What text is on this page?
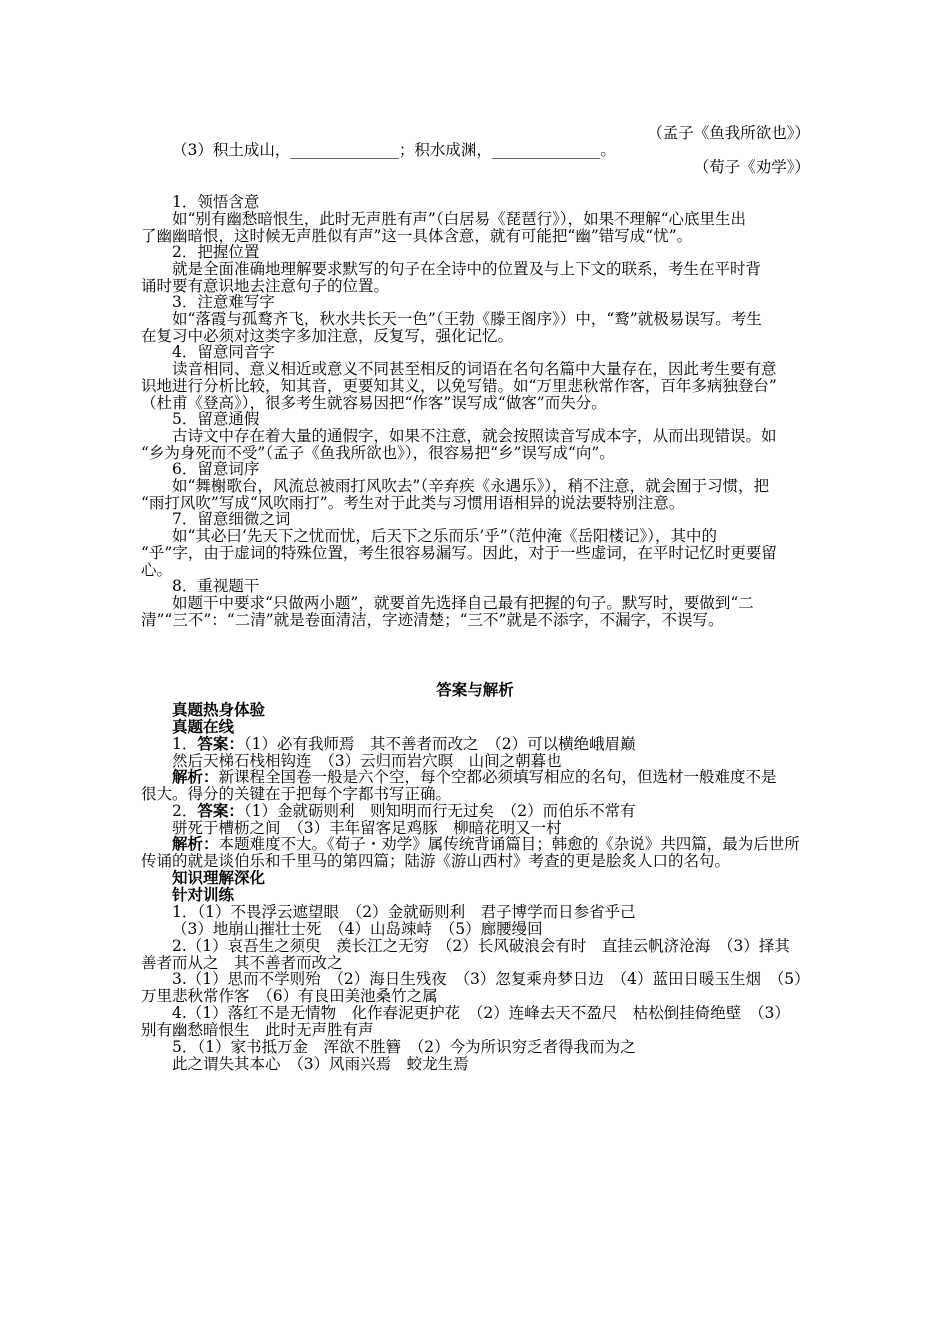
（孟子《鱼我所欲也》）
（3）积土成山，______________；积水成渊，______________。
（荀子《劝学》）
1．领悟含意
如“别有幽愁暗恨生，此时无声胜有声”（白居易《琵琶行》），如果不理解“心底里生出
了幽幽暗恨，这时候无声胜似有声”这一具体含意，就有可能把“幽”错写成“忧”。
2．把握位置
就是全面准确地理解要求默写的句子在全诗中的位置及与上下文的联系，考生在平时背
诵时要有意识地去注意句子的位置。
3．注意难写字
如“落霞与孤鹜齐飞，秋水共长天一色”（王勃《滕王阁序》）中，“鹜”就极易误写。考生
在复习中必须对这类字多加注意，反复写，强化记忆。
4．留意同音字
读音相同、意义相近或意义不同甚至相反的词语在名句名篇中大量存在，因此考生要有意
识地进行分析比较，知其音，更要知其义，以免写错。如“万里悲秋常作客，百年多病独登台”
（杜甫《登高》），很多考生就容易因把“作客”误写成“做客”而失分。
5．留意通假
古诗文中存在着大量的通假字，如果不注意，就会按照读音写成本字，从而出现错误。如
“乡为身死而不受”（孟子《鱼我所欲也》），很容易把“乡”误写成“向”。
6．留意词序
如“舞榭歌台，风流总被雨打风吹去”（辛弃疾《永遇乐》），稍不注意，就会囿于习惯，把
“雨打风吹”写成“风吹雨打”。考生对于此类与习惯用语相异的说法要特别注意。
7．留意细微之词
如“其必曰‘先天下之忧而忧，后天下之乐而乐’乎”（范仲淹《岳阳楼记》），其中的
“乎”字，由于虚词的特殊位置，考生很容易漏写。因此，对于一些虚词，在平时记忆时更要留
心。
8．重视题干
如题干中要求“只做两小题”，就要首先选择自己最有把握的句子。默写时，要做到“二
清”“三不”：“二清”就是卷面清洁，字迹清楚；“三不”就是不添字，不漏字，不误写。
答案与解析
真题热身体验
真题在线
1．答案：（1）必有我师焉　其不善者而改之　（2）可以横绝峨眉巅
然后天梯石栈相钩连　（3）云归而岩穴暝　山间之朝暮也
解析：新课程全国卷一般是六个空，每个空都必须填写相应的名句，但选材一般难度不是
很大。得分的关键在于把每个字都书写正确。
2．答案：（1）金就砺则利　则知明而行无过矣　（2）而伯乐不常有
骈死于槽枥之间　（3）丰年留客足鸡豚　柳暗花明又一村
解析：本题难度不大。《荀子・劝学》属传统背诵篇目；韩愈的《杂说》共四篇，最为后世所
传诵的就是谈伯乐和千里马的第四篇；陆游《游山西村》考查的更是脍炙人口的名句。
知识理解深化
针对训练
1．（1）不畏浮云遮望眼　（2）金就砺则利　君子博学而日参省乎己
（3）地崩山摧壮士死　（4）山岛竦峙　（5）廊腰缦回
2.（1）哀吾生之须臾　羡长江之无穷　（2）长风破浪会有时　直挂云帆济沧海　（3）择其
善者而从之　其不善者而改之
3.（1）思而不学则殆　（2）海日生残夜　（3）忽复乘舟梦日边　（4）蓝田日暖玉生烟　（5）
万里悲秋常作客　（6）有良田美池桑竹之属
4.（1）落红不是无情物　化作春泥更护花　（2）连峰去天不盈尺　枯松倒挂倚绝壁　（3）
别有幽愁暗恨生　此时无声胜有声
5．（1）家书抵万金　浑欲不胜簪　（2）今为所识穷乏者得我而为之
此之谓失其本心　（3）风雨兴焉　蛟龙生焉
